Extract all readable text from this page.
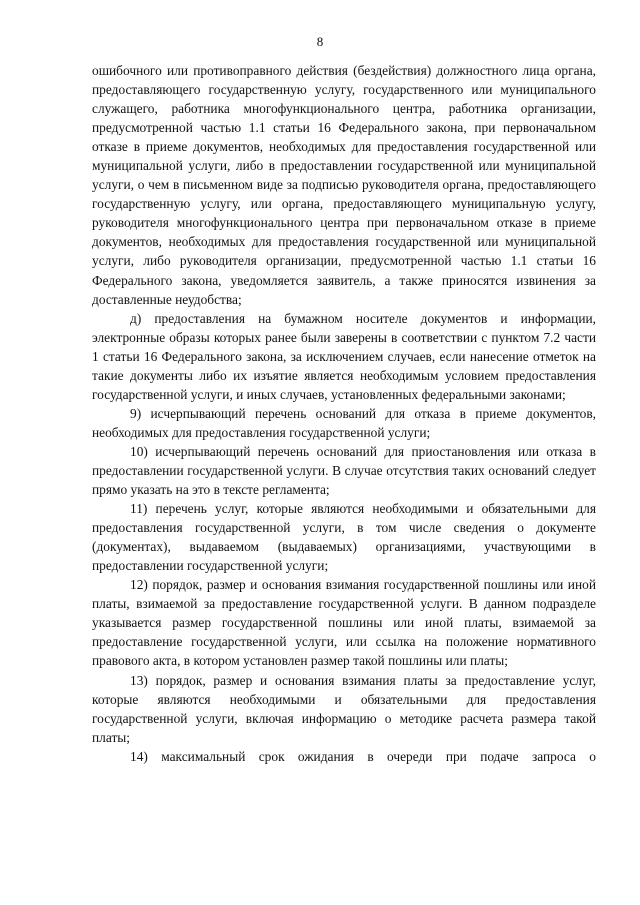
8

ошибочного или противоправного действия (бездействия) должностного лица органа, предоставляющего государственную услугу, государственного или муниципального служащего, работника многофункционального центра, работника организации, предусмотренной частью 1.1 статьи 16 Федерального закона, при первоначальном отказе в приеме документов, необходимых для предоставления государственной или муниципальной услуги, либо в предоставлении государственной или муниципальной услуги, о чем в письменном виде за подписью руководителя органа, предоставляющего государственную услугу, или органа, предоставляющего муниципальную услугу, руководителя многофункционального центра при первоначальном отказе в приеме документов, необходимых для предоставления государственной или муниципальной услуги, либо руководителя организации, предусмотренной частью 1.1 статьи 16 Федерального закона, уведомляется заявитель, а также приносятся извинения за доставленные неудобства;

д) предоставления на бумажном носителе документов и информации, электронные образы которых ранее были заверены в соответствии с пунктом 7.2 части 1 статьи 16 Федерального закона, за исключением случаев, если нанесение отметок на такие документы либо их изъятие является необходимым условием предоставления государственной услуги, и иных случаев, установленных федеральными законами;

9) исчерпывающий перечень оснований для отказа в приеме документов, необходимых для предоставления государственной услуги;

10) исчерпывающий перечень оснований для приостановления или отказа в предоставлении государственной услуги. В случае отсутствия таких оснований следует прямо указать на это в тексте регламента;

11) перечень услуг, которые являются необходимыми и обязательными для предоставления государственной услуги, в том числе сведения о документе (документах), выдаваемом (выдаваемых) организациями, участвующими в предоставлении государственной услуги;

12) порядок, размер и основания взимания государственной пошлины или иной платы, взимаемой за предоставление государственной услуги. В данном подразделе указывается размер государственной пошлины или иной платы, взимаемой за предоставление государственной услуги, или ссылка на положение нормативного правового акта, в котором установлен размер такой пошлины или платы;

13) порядок, размер и основания взимания платы за предоставление услуг, которые являются необходимыми и обязательными для предоставления государственной услуги, включая информацию о методике расчета размера такой платы;

14) максимальный срок ожидания в очереди при подаче запроса о
